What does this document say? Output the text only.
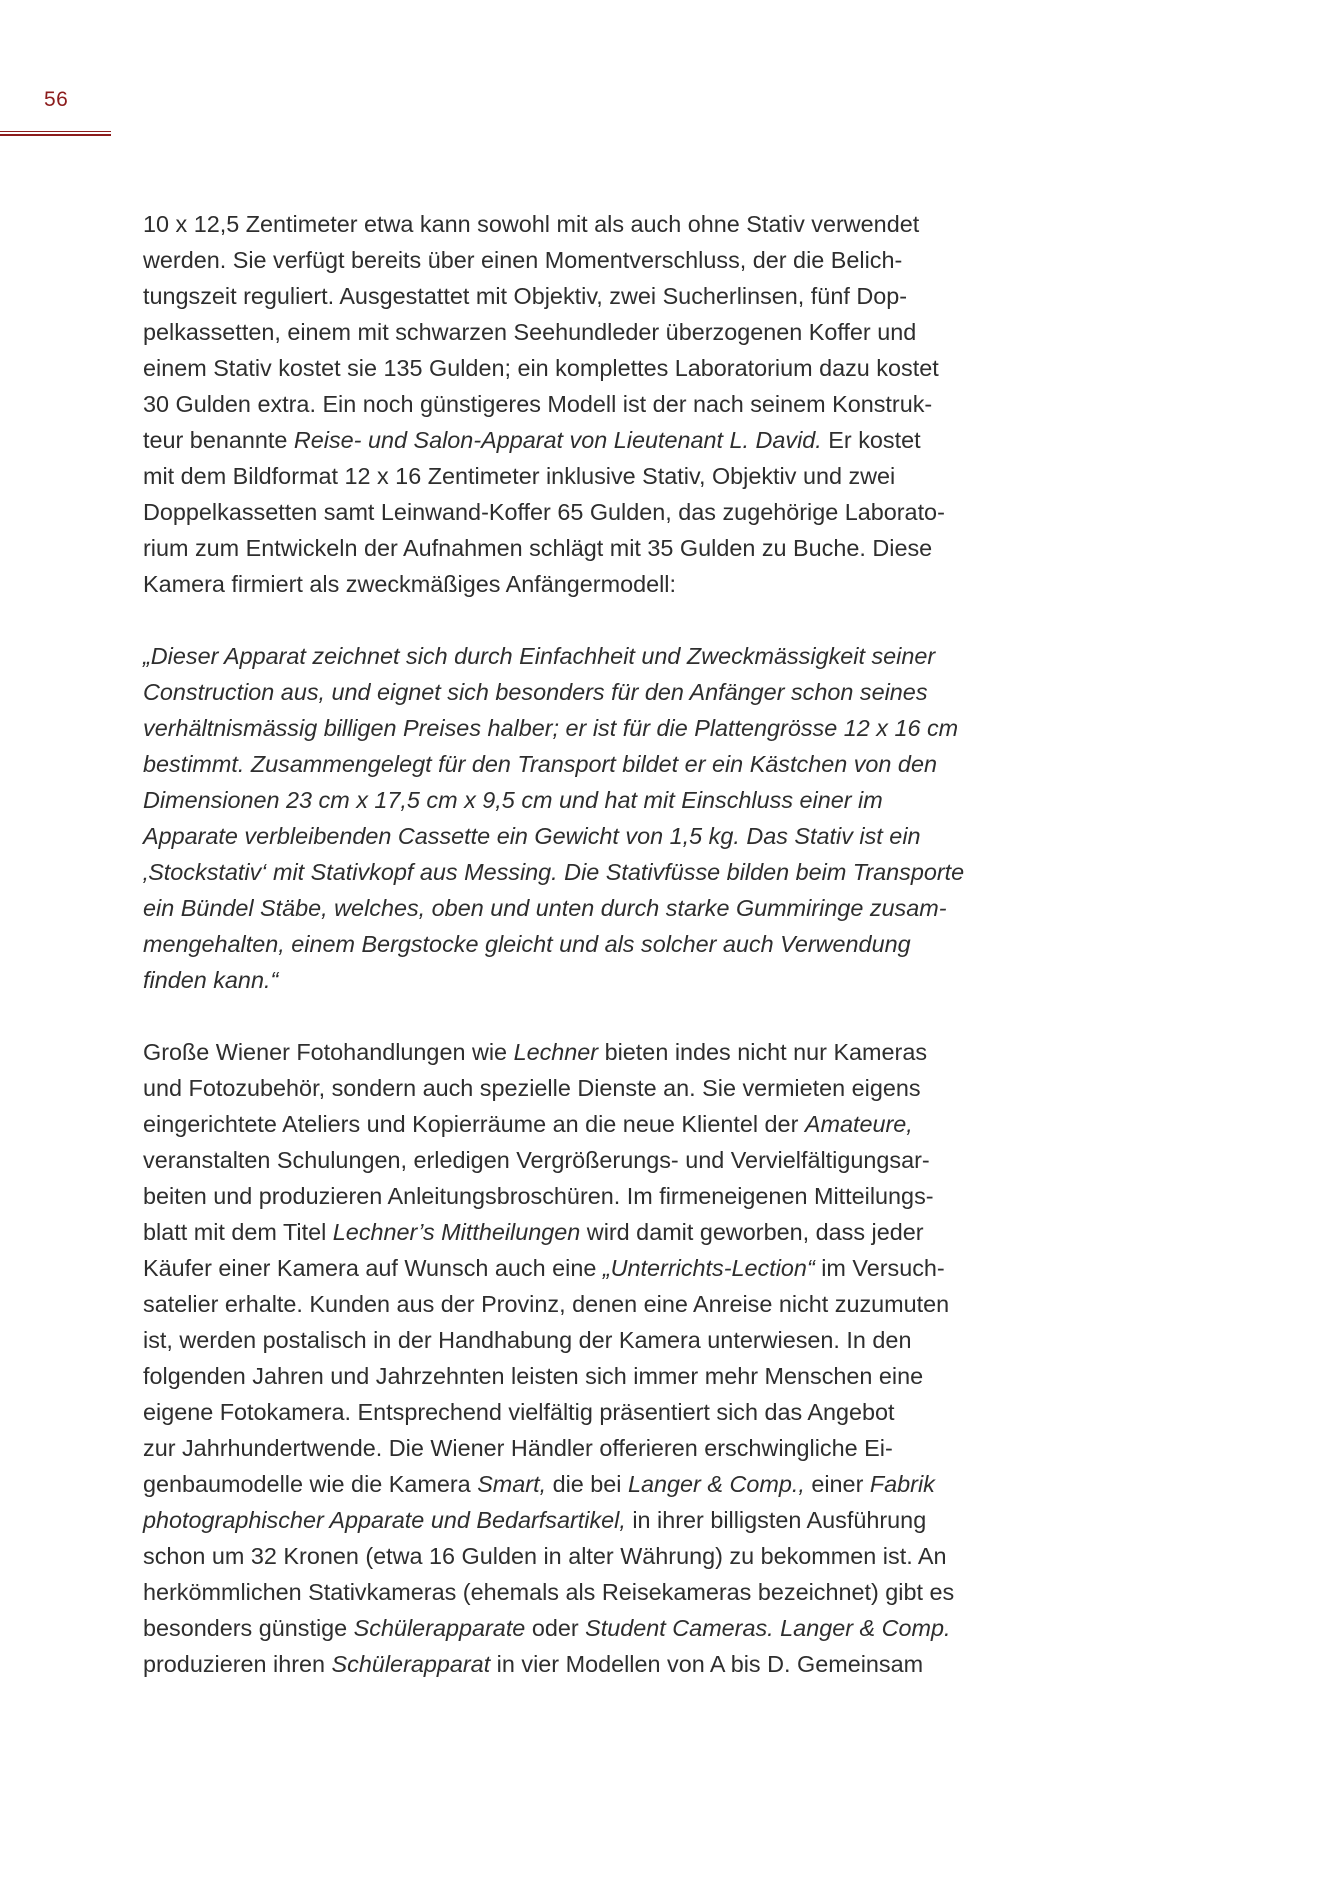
56
10 x 12,5 Zentimeter etwa kann sowohl mit als auch ohne Stativ verwendet
werden. Sie verfügt bereits über einen Momentverschluss, der die Belich-
tungszeit reguliert. Ausgestattet mit Objektiv, zwei Sucherlinsen, fünf Dop-
pelkassetten, einem mit schwarzen Seehundleder überzogenen Koffer und
einem Stativ kostet sie 135 Gulden; ein komplettes Laboratorium dazu kostet
30 Gulden extra. Ein noch günstigeres Modell ist der nach seinem Konstruk-
teur benannte Reise- und Salon-Apparat von Lieutenant L. David. Er kostet
mit dem Bildformat 12 x 16 Zentimeter inklusive Stativ, Objektiv und zwei
Doppelkassetten samt Leinwand-Koffer 65 Gulden, das zugehörige Laborato-
rium zum Entwickeln der Aufnahmen schlägt mit 35 Gulden zu Buche. Diese
Kamera firmiert als zweckmäßiges Anfängermodell:
„Dieser Apparat zeichnet sich durch Einfachheit und Zweckmässigkeit seiner
Construction aus, und eignet sich besonders für den Anfänger schon seines
verhältnismässig billigen Preises halber; er ist für die Plattengrösse 12 x 16 cm
bestimmt. Zusammengelegt für den Transport bildet er ein Kästchen von den
Dimensionen 23 cm x 17,5 cm x 9,5 cm und hat mit Einschluss einer im
Apparate verbleibenden Cassette ein Gewicht von 1,5 kg. Das Stativ ist ein
‚Stockstativ‘ mit Stativkopf aus Messing. Die Stativfüsse bilden beim Transporte
ein Bündel Stäbe, welches, oben und unten durch starke Gummiringe zusam-
mengehalten, einem Bergstocke gleicht und als solcher auch Verwendung
finden kann.“
Große Wiener Fotohandlungen wie Lechner bieten indes nicht nur Kameras
und Fotozubehör, sondern auch spezielle Dienste an. Sie vermieten eigens
eingerichtete Ateliers und Kopierräume an die neue Klientel der Amateure,
veranstalten Schulungen, erledigen Vergrößerungs- und Vervielfältigungsar-
beiten und produzieren Anleitungsbroschüren. Im firmeneigenen Mitteilungs-
blatt mit dem Titel Lechner’s Mittheilungen wird damit geworben, dass jeder
Käufer einer Kamera auf Wunsch auch eine „Unterrichts-Lection“ im Versuch-
satelier erhalte. Kunden aus der Provinz, denen eine Anreise nicht zuzumuten
ist, werden postalisch in der Handhabung der Kamera unterwiesen. In den
folgenden Jahren und Jahrzehnten leisten sich immer mehr Menschen eine
eigene Fotokamera. Entsprechend vielfältig präsentiert sich das Angebot
zur Jahrhundertwende. Die Wiener Händler offerieren erschwingliche Ei-
genbaumodelle wie die Kamera Smart, die bei Langer & Comp., einer Fabrik
photographischer Apparate und Bedarfsartikel, in ihrer billigsten Ausführung
schon um 32 Kronen (etwa 16 Gulden in alter Währung) zu bekommen ist. An
herkömmlichen Stativkameras (ehemals als Reisekameras bezeichnet) gibt es
besonders günstige Schülerapparate oder Student Cameras. Langer & Comp.
produzieren ihren Schülerapparat in vier Modellen von A bis D. Gemeinsam
